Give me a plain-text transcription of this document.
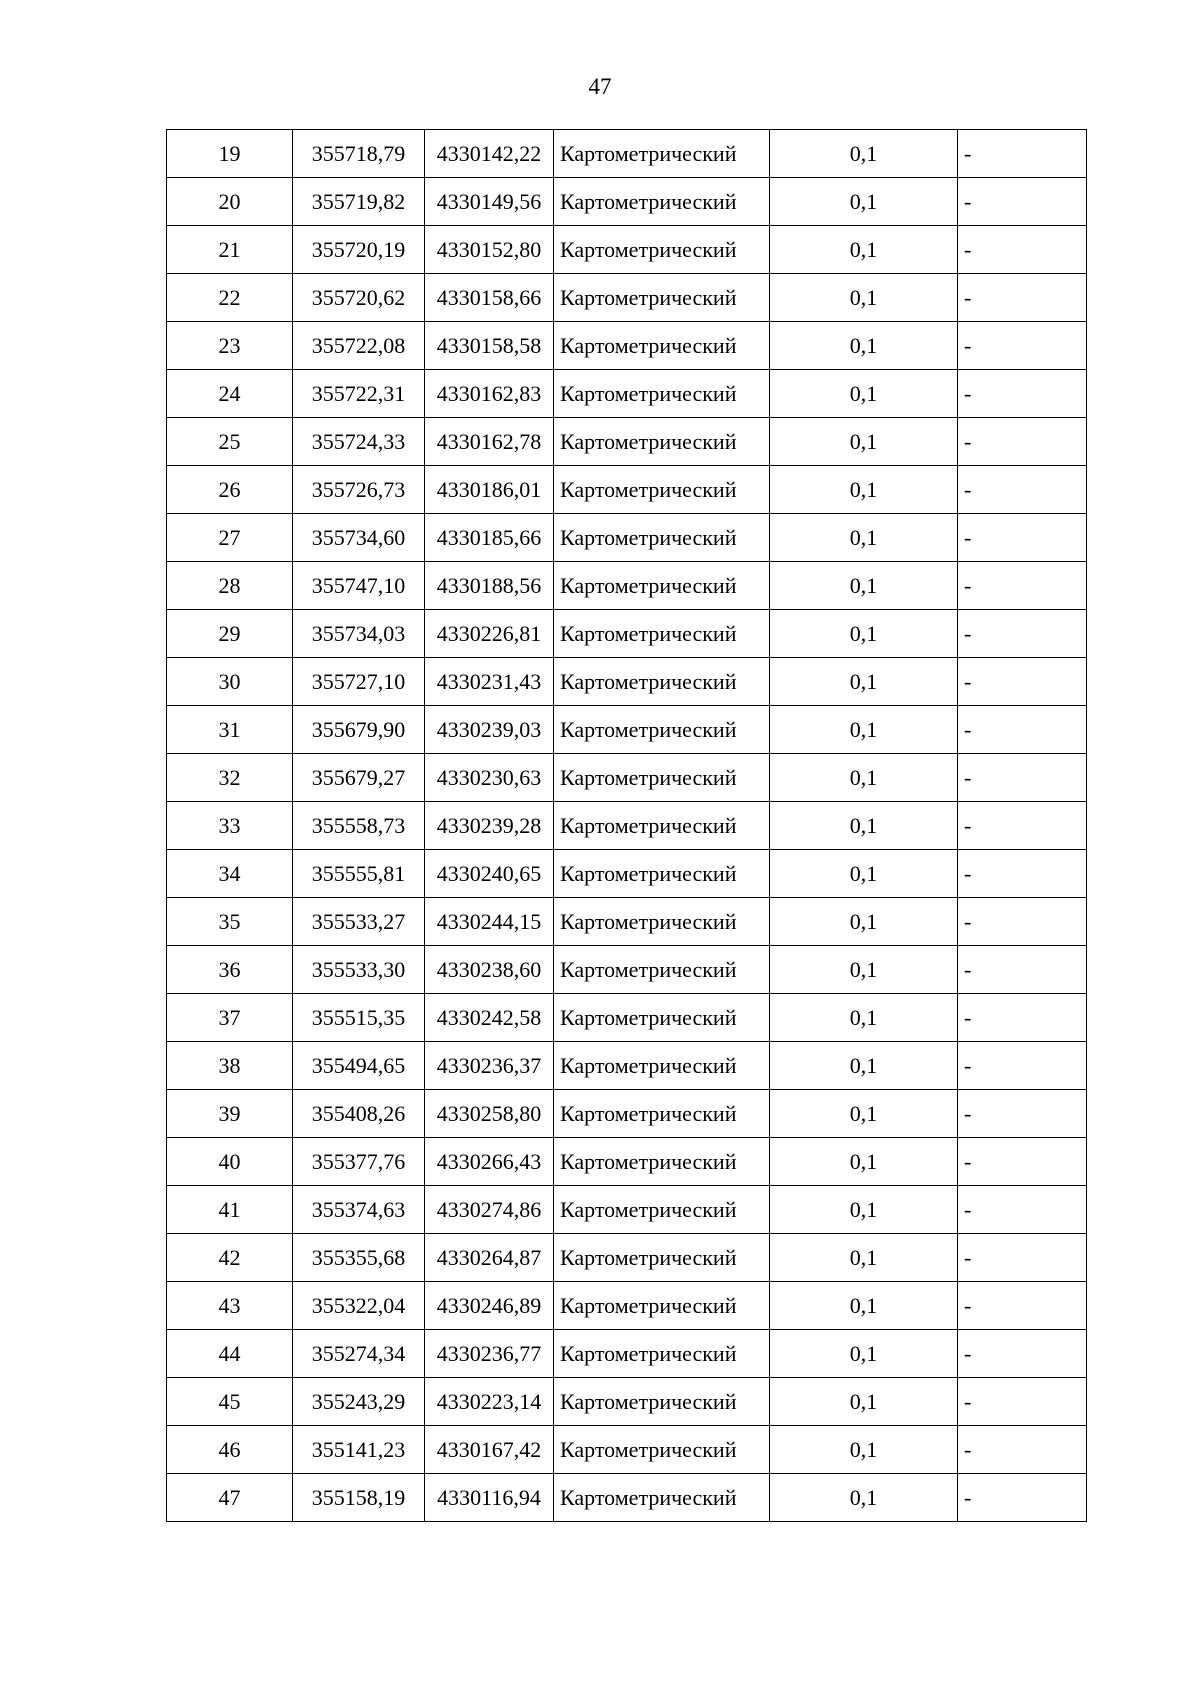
47
19	355718,79	4330142,22	Картометрический	0,1	-
20	355719,82	4330149,56	Картометрический	0,1	-
21	355720,19	4330152,80	Картометрический	0,1	-
22	355720,62	4330158,66	Картометрический	0,1	-
23	355722,08	4330158,58	Картометрический	0,1	-
24	355722,31	4330162,83	Картометрический	0,1	-
25	355724,33	4330162,78	Картометрический	0,1	-
26	355726,73	4330186,01	Картометрический	0,1	-
27	355734,60	4330185,66	Картометрический	0,1	-
28	355747,10	4330188,56	Картометрический	0,1	-
29	355734,03	4330226,81	Картометрический	0,1	-
30	355727,10	4330231,43	Картометрический	0,1	-
31	355679,90	4330239,03	Картометрический	0,1	-
32	355679,27	4330230,63	Картометрический	0,1	-
33	355558,73	4330239,28	Картометрический	0,1	-
34	355555,81	4330240,65	Картометрический	0,1	-
35	355533,27	4330244,15	Картометрический	0,1	-
36	355533,30	4330238,60	Картометрический	0,1	-
37	355515,35	4330242,58	Картометрический	0,1	-
38	355494,65	4330236,37	Картометрический	0,1	-
39	355408,26	4330258,80	Картометрический	0,1	-
40	355377,76	4330266,43	Картометрический	0,1	-
41	355374,63	4330274,86	Картометрический	0,1	-
42	355355,68	4330264,87	Картометрический	0,1	-
43	355322,04	4330246,89	Картометрический	0,1	-
44	355274,34	4330236,77	Картометрический	0,1	-
45	355243,29	4330223,14	Картометрический	0,1	-
46	355141,23	4330167,42	Картометрический	0,1	-
47	355158,19	4330116,94	Картометрический	0,1	-
